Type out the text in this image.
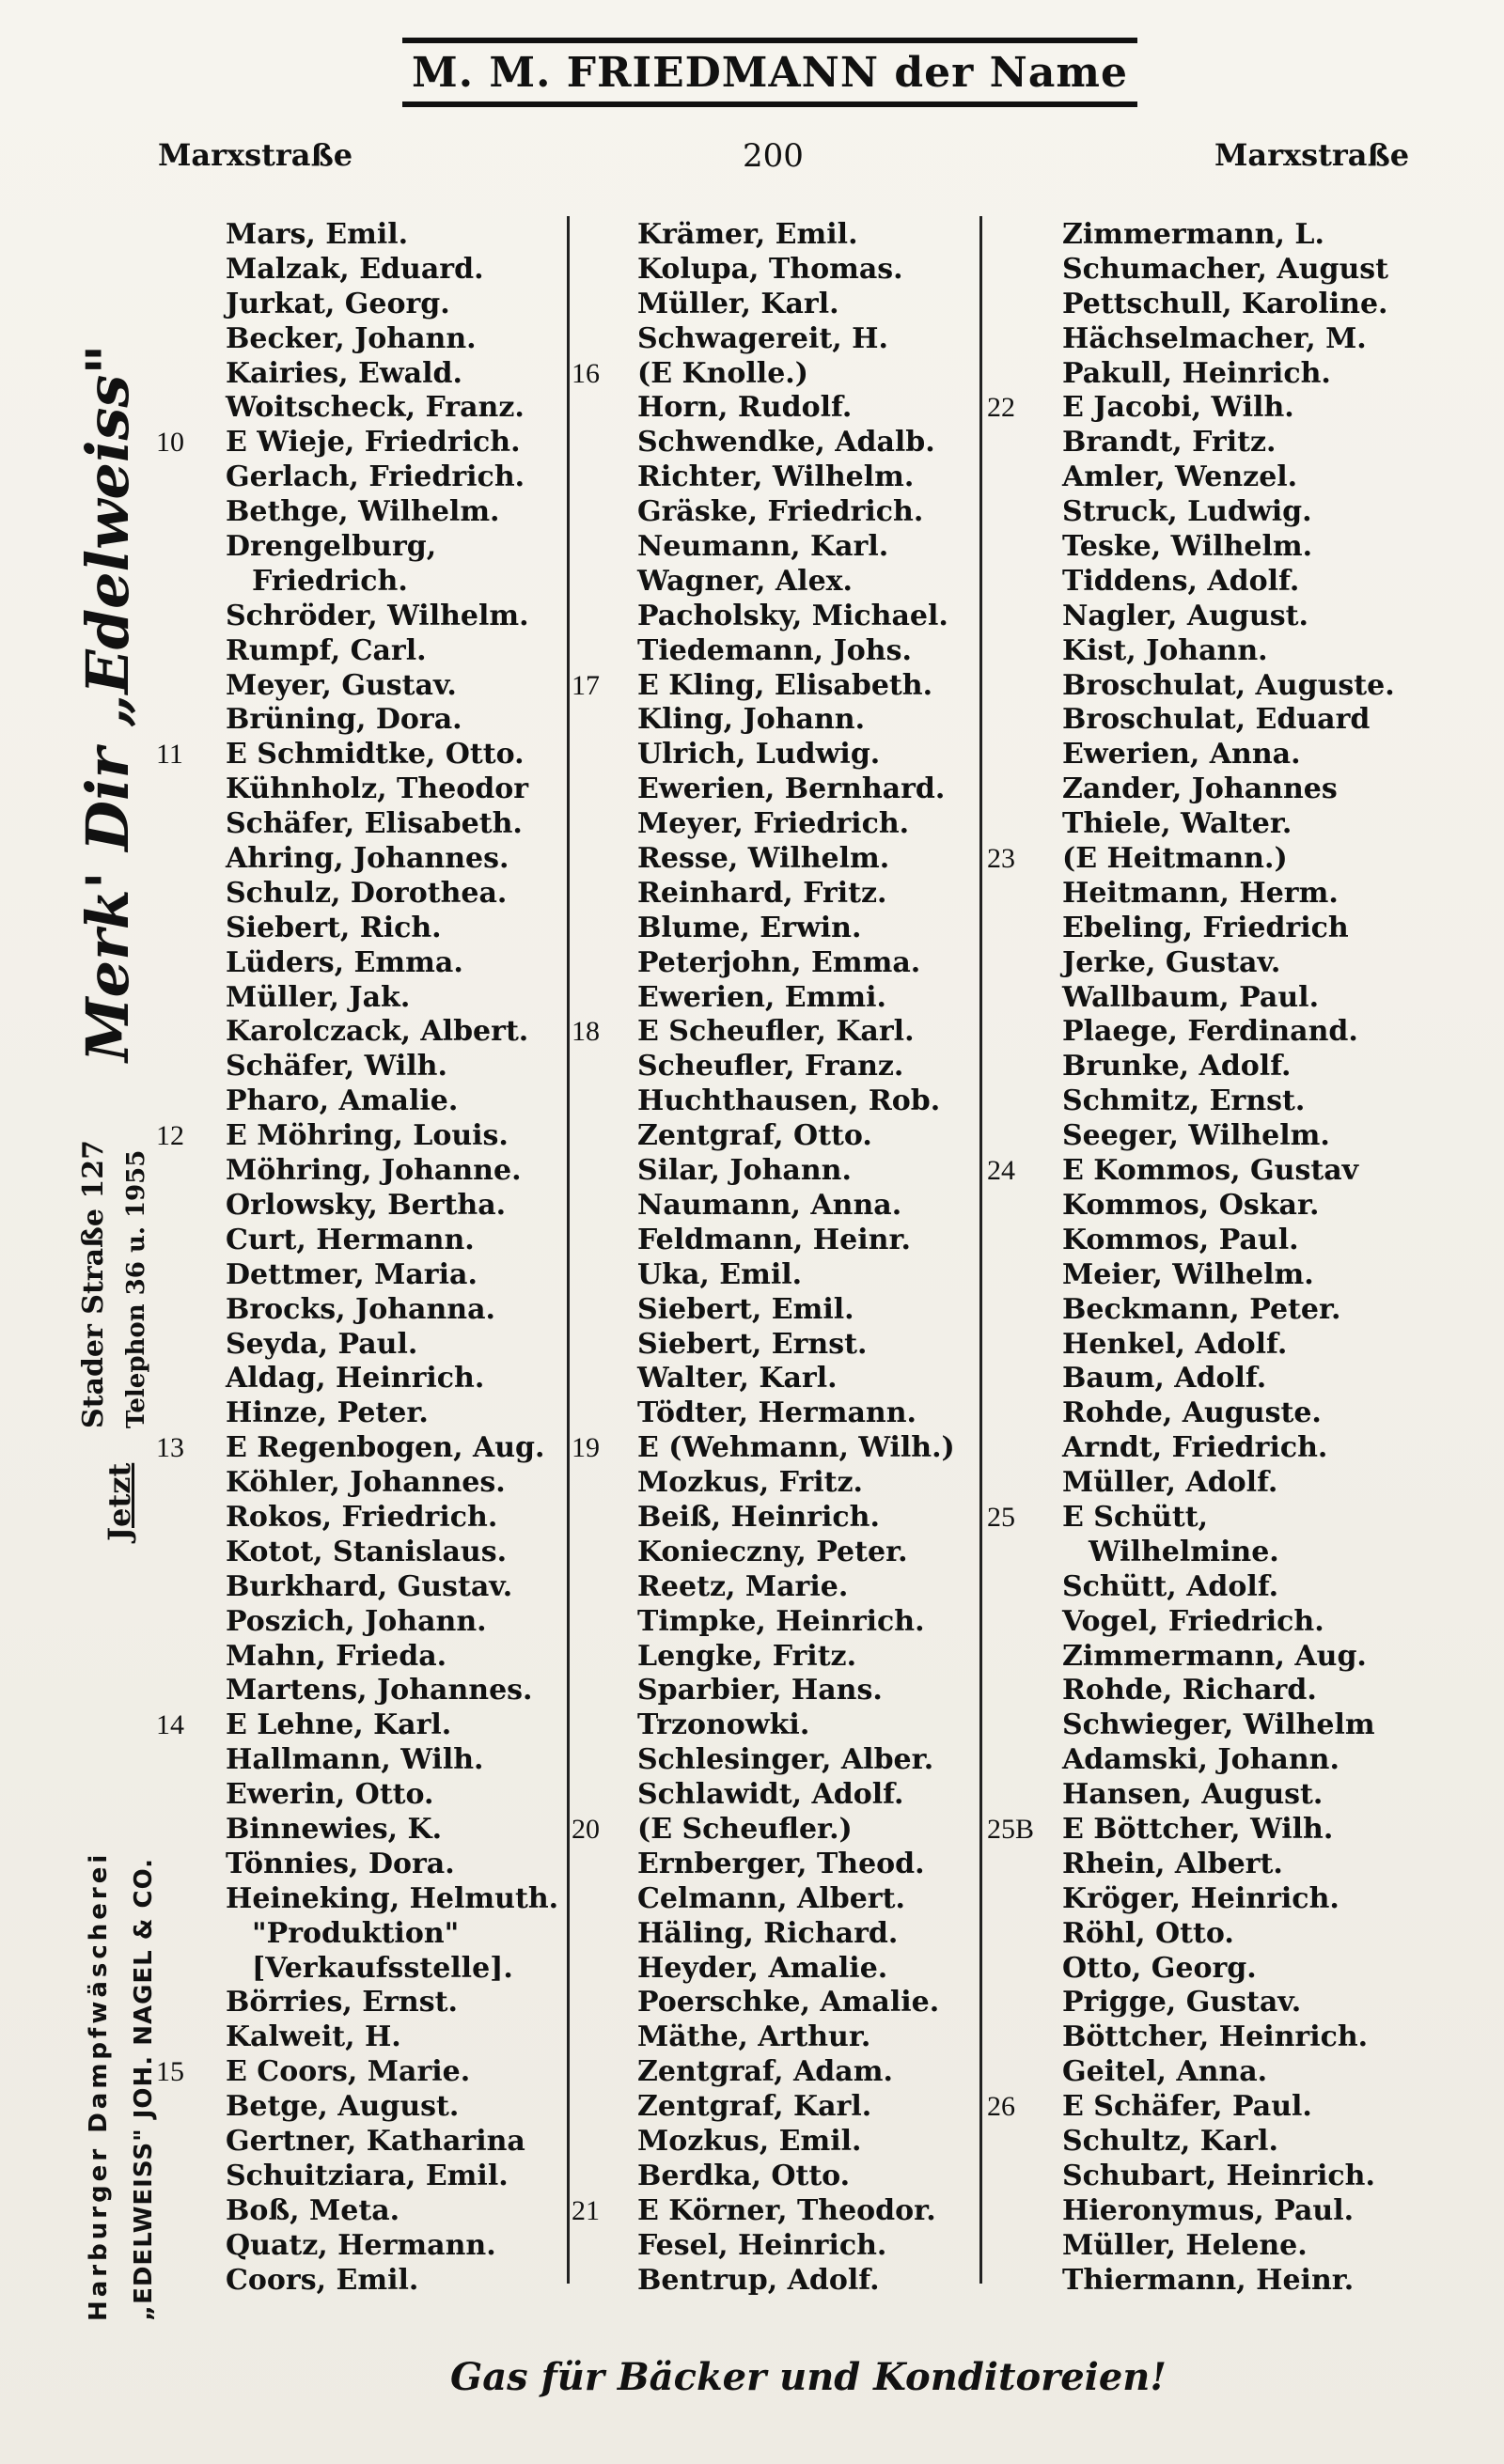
M. M. FRIEDMANN der Name
Marxstraße	200	Marxstraße
Merk' Dir „Edelweiss"
Harburger Dampfwäscherei „EDELWEISS" JOH. NAGEL & CO.
Jetzt
Stader Straße 127 Telephon 36 u. 1955
Mars, Emil.
Malzak, Eduard.
Jurkat, Georg.
Becker, Johann.
Kairies, Ewald.
Woitscheck, Franz.
10	E Wieje, Friedrich.
Gerlach, Friedrich.
Bethge, Wilhelm.
Drengelburg,
Friedrich.
Schröder, Wilhelm.
Rumpf, Carl.
Meyer, Gustav.
Brüning, Dora.
11	E Schmidtke, Otto.
Kühnholz, Theodor
Schäfer, Elisabeth.
Ahring, Johannes.
Schulz, Dorothea.
Siebert, Rich.
Lüders, Emma.
Müller, Jak.
Karolczack, Albert.
Schäfer, Wilh.
Pharo, Amalie.
12	E Möhring, Louis.
Möhring, Johanne.
Orlowsky, Bertha.
Curt, Hermann.
Dettmer, Maria.
Brocks, Johanna.
Seyda, Paul.
Aldag, Heinrich.
Hinze, Peter.
13	E Regenbogen, Aug.
Köhler, Johannes.
Rokos, Friedrich.
Kotot, Stanislaus.
Burkhard, Gustav.
Poszich, Johann.
Mahn, Frieda.
Martens, Johannes.
14	E Lehne, Karl.
Hallmann, Wilh.
Ewerin, Otto.
Binnewies, K.
Tönnies, Dora.
Heineking, Helmuth.
"Produktion"
[Verkaufsstelle].
Börries, Ernst.
Kalweit, H.
15	E Coors, Marie.
Betge, August.
Gertner, Katharina
Schuitziara, Emil.
Boß, Meta.
Quatz, Hermann.
Coors, Emil.
Krämer, Emil.
Kolupa, Thomas.
Müller, Karl.
Schwagereit, H.
16	(E Knolle.)
Horn, Rudolf.
Schwendke, Adalb.
Richter, Wilhelm.
Gräske, Friedrich.
Neumann, Karl.
Wagner, Alex.
Pacholsky, Michael.
Tiedemann, Johs.
17	E Kling, Elisabeth.
Kling, Johann.
Ulrich, Ludwig.
Ewerien, Bernhard.
Meyer, Friedrich.
Resse, Wilhelm.
Reinhard, Fritz.
Blume, Erwin.
Peterjohn, Emma.
Ewerien, Emmi.
18	E Scheufler, Karl.
Scheufler, Franz.
Huchthausen, Rob.
Zentgraf, Otto.
Silar, Johann.
Naumann, Anna.
Feldmann, Heinr.
Uka, Emil.
Siebert, Emil.
Siebert, Ernst.
Walter, Karl.
Tödter, Hermann.
19	E (Wehmann, Wilh.)
Mozkus, Fritz.
Beiß, Heinrich.
Konieczny, Peter.
Reetz, Marie.
Timpke, Heinrich.
Lengke, Fritz.
Sparbier, Hans.
Trzonowki.
Schlesinger, Alber.
Schlawidt, Adolf.
20	(E Scheufler.)
Ernberger, Theod.
Celmann, Albert.
Häling, Richard.
Heyder, Amalie.
Poerschke, Amalie.
Mäthe, Arthur.
Zentgraf, Adam.
Zentgraf, Karl.
Mozkus, Emil.
Berdka, Otto.
21	E Körner, Theodor.
Fesel, Heinrich.
Bentrup, Adolf.
Zimmermann, L.
Schumacher, August
Pettschull, Karoline.
Hächselmacher, M.
Pakull, Heinrich.
22	E Jacobi, Wilh.
Brandt, Fritz.
Amler, Wenzel.
Struck, Ludwig.
Teske, Wilhelm.
Tiddens, Adolf.
Nagler, August.
Kist, Johann.
Broschulat, Auguste.
Broschulat, Eduard
Ewerien, Anna.
Zander, Johannes
Thiele, Walter.
23	(E Heitmann.)
Heitmann, Herm.
Ebeling, Friedrich
Jerke, Gustav.
Wallbaum, Paul.
Plaege, Ferdinand.
Brunke, Adolf.
Schmitz, Ernst.
Seeger, Wilhelm.
24	E Kommos, Gustav
Kommos, Oskar.
Kommos, Paul.
Meier, Wilhelm.
Beckmann, Peter.
Henkel, Adolf.
Baum, Adolf.
Rohde, Auguste.
Arndt, Friedrich.
Müller, Adolf.
25	E Schütt,
Wilhelmine.
Schütt, Adolf.
Vogel, Friedrich.
Zimmermann, Aug.
Rohde, Richard.
Schwieger, Wilhelm
Adamski, Johann.
Hansen, August.
25B E Böttcher, Wilh.
Rhein, Albert.
Kröger, Heinrich.
Röhl, Otto.
Otto, Georg.
Prigge, Gustav.
Böttcher, Heinrich.
Geitel, Anna.
26	E Schäfer, Paul.
Schultz, Karl.
Schubart, Heinrich.
Hieronymus, Paul.
Müller, Helene.
Thiermann, Heinr.
Gas für Bäcker und Konditoreien!
